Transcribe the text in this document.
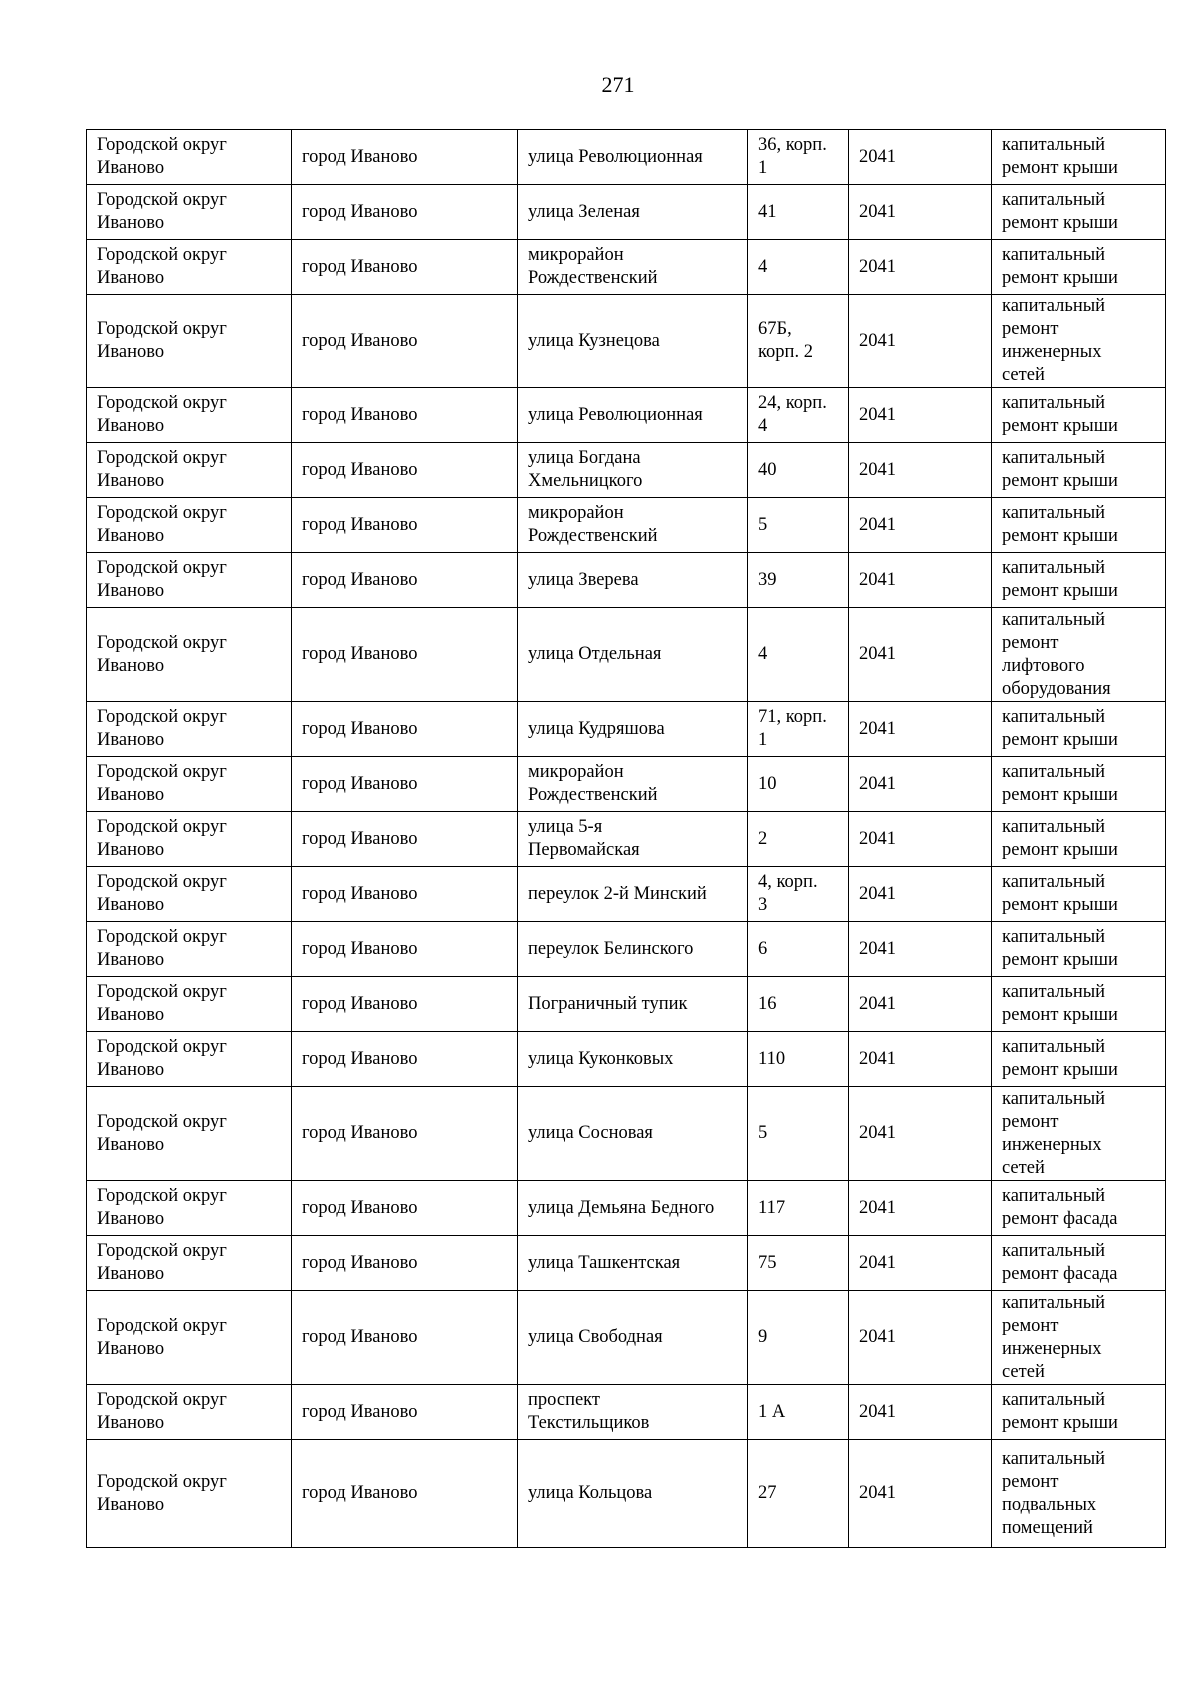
271
Городской округ
Иваново	город Иваново	улица Революционная	36, корп.
1	2041	капитальный
ремонт крыши
Городской округ
Иваново	город Иваново	улица Зеленая	41	2041	капитальный
ремонт крыши
Городской округ
Иваново	город Иваново	микрорайон
Рождественский	4	2041	капитальный
ремонт крыши
Городской округ
Иваново	город Иваново	улица Кузнецова	67Б,
корп. 2	2041	капитальный
ремонт
инженерных
сетей
Городской округ
Иваново	город Иваново	улица Революционная	24, корп.
4	2041	капитальный
ремонт крыши
Городской округ
Иваново	город Иваново	улица Богдана
Хмельницкого	40	2041	капитальный
ремонт крыши
Городской округ
Иваново	город Иваново	микрорайон
Рождественский	5	2041	капитальный
ремонт крыши
Городской округ
Иваново	город Иваново	улица Зверева	39	2041	капитальный
ремонт крыши
Городской округ
Иваново	город Иваново	улица Отдельная	4	2041	капитальный
ремонт
лифтового
оборудования
Городской округ
Иваново	город Иваново	улица Кудряшова	71, корп.
1	2041	капитальный
ремонт крыши
Городской округ
Иваново	город Иваново	микрорайон
Рождественский	10	2041	капитальный
ремонт крыши
Городской округ
Иваново	город Иваново	улица 5-я
Первомайская	2	2041	капитальный
ремонт крыши
Городской округ
Иваново	город Иваново	переулок 2-й Минский	4, корп.
3	2041	капитальный
ремонт крыши
Городской округ
Иваново	город Иваново	переулок Белинского	6	2041	капитальный
ремонт крыши
Городской округ
Иваново	город Иваново	Пограничный тупик	16	2041	капитальный
ремонт крыши
Городской округ
Иваново	город Иваново	улица Куконковых	110	2041	капитальный
ремонт крыши
Городской округ
Иваново	город Иваново	улица Сосновая	5	2041	капитальный
ремонт
инженерных
сетей
Городской округ
Иваново	город Иваново	улица Демьяна Бедного	117	2041	капитальный
ремонт фасада
Городской округ
Иваново	город Иваново	улица Ташкентская	75	2041	капитальный
ремонт фасада
Городской округ
Иваново	город Иваново	улица Свободная	9	2041	капитальный
ремонт
инженерных
сетей
Городской округ
Иваново	город Иваново	проспект
Текстильщиков	1 А	2041	капитальный
ремонт крыши
Городской округ
Иваново	город Иваново	улица Кольцова	27	2041	капитальный
ремонт
подвальных
помещений
